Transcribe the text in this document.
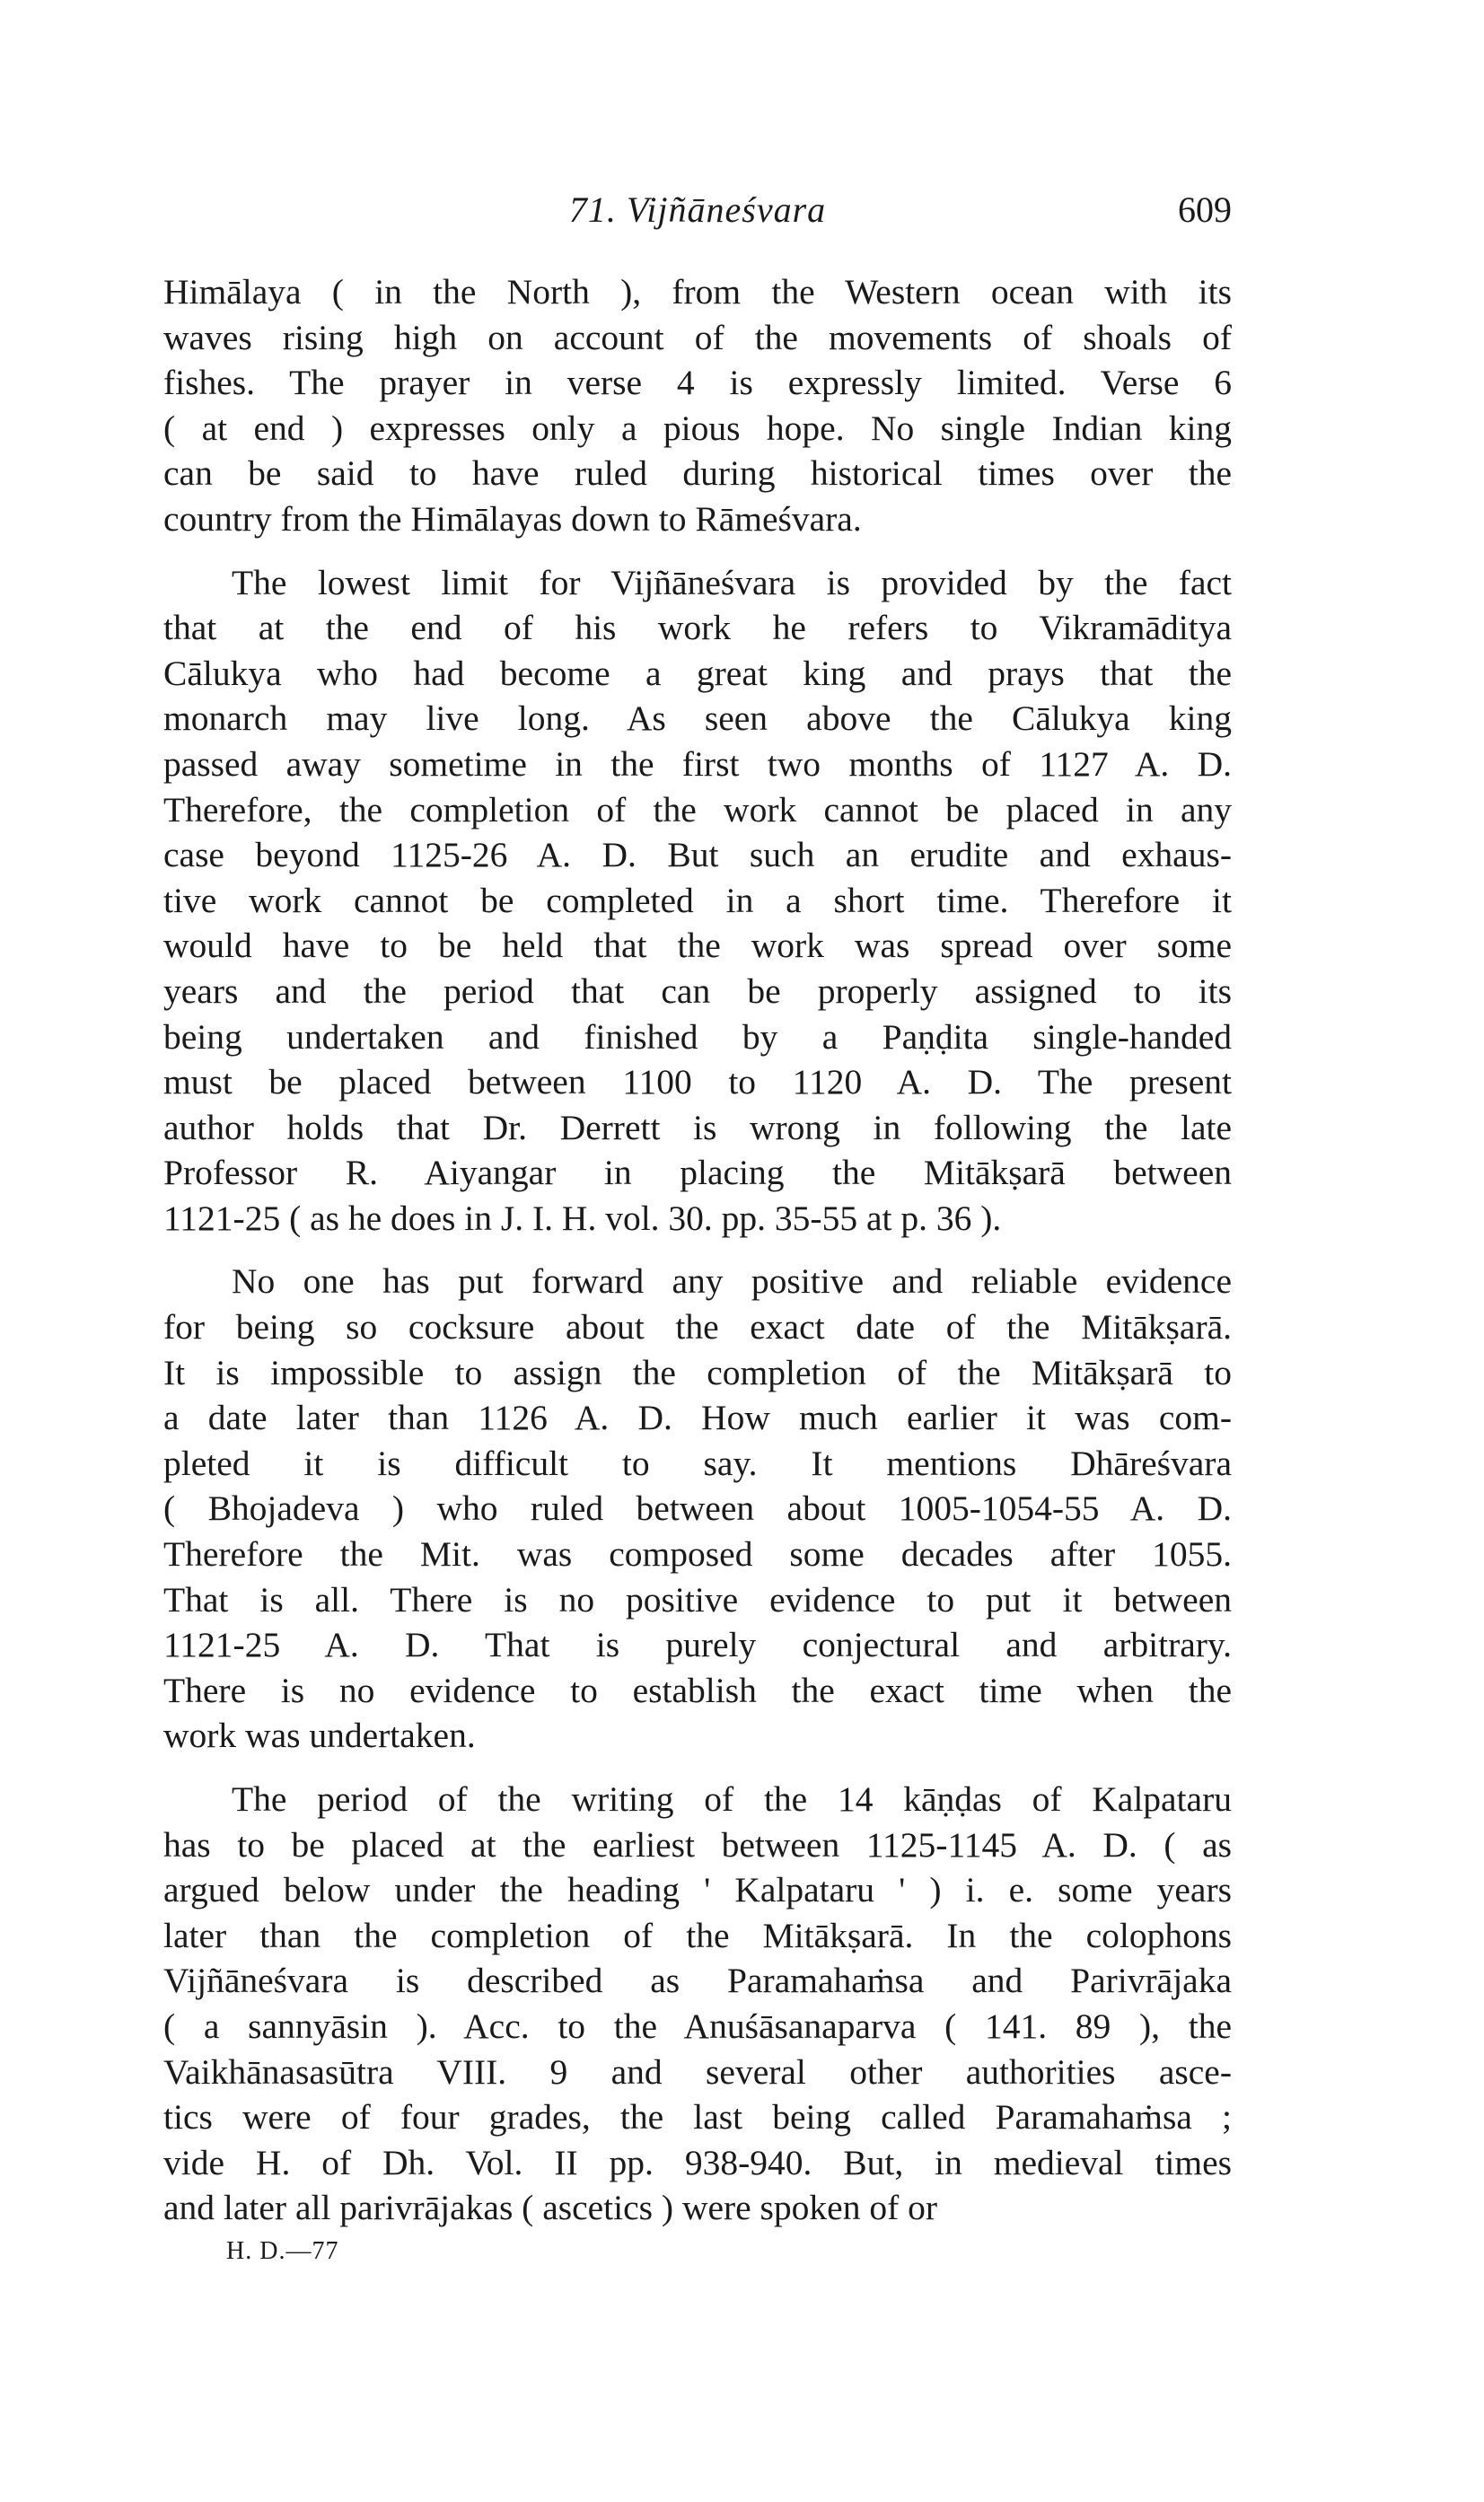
71. Vijñāneśvara	609
Himālaya ( in the North ), from the Western ocean with its
waves rising high on account of the movements of shoals of
fishes. The prayer in verse 4 is expressly limited. Verse 6
( at end ) expresses only a pious hope. No single Indian king
can be said to have ruled during historical times over the
country from the Himālayas down to Rāmeśvara.
The lowest limit for Vijñāneśvara is provided by the fact
that at the end of his work he refers to Vikramāditya
Cālukya who had become a great king and prays that the
monarch may live long. As seen above the Cālukya king
passed away sometime in the first two months of 1127 A. D.
Therefore, the completion of the work cannot be placed in any
case beyond 1125-26 A. D. But such an erudite and exhaus-
tive work cannot be completed in a short time. Therefore it
would have to be held that the work was spread over some
years and the period that can be properly assigned to its
being undertaken and finished by a Paṇḍita single-handed
must be placed between 1100 to 1120 A. D. The present
author holds that Dr. Derrett is wrong in following the late
Professor R. Aiyangar in placing the Mitākṣarā between
1121-25 ( as he does in J. I. H. vol. 30. pp. 35-55 at p. 36 ).
No one has put forward any positive and reliable evidence
for being so cocksure about the exact date of the Mitākṣarā.
It is impossible to assign the completion of the Mitākṣarā to
a date later than 1126 A. D. How much earlier it was com-
pleted it is difficult to say. It mentions Dhāreśvara
( Bhojadeva ) who ruled between about 1005-1054-55 A. D.
Therefore the Mit. was composed some decades after 1055.
That is all. There is no positive evidence to put it between
1121-25 A. D. That is purely conjectural and arbitrary.
There is no evidence to establish the exact time when the
work was undertaken.
The period of the writing of the 14 kāṇḍas of Kalpataru
has to be placed at the earliest between 1125-1145 A. D. ( as
argued below under the heading ' Kalpataru ' ) i. e. some years
later than the completion of the Mitākṣarā. In the colophons
Vijñāneśvara is described as Paramahaṁsa and Parivrājaka
( a sannyāsin ). Acc. to the Anuśāsanaparva ( 141. 89 ), the
Vaikhānasasūtra VIII. 9 and several other authorities asce-
tics were of four grades, the last being called Paramahaṁsa ;
vide H. of Dh. Vol. II pp. 938-940. But, in medieval times
and later all parivrājakas ( ascetics ) were spoken of or
H. D.—77
